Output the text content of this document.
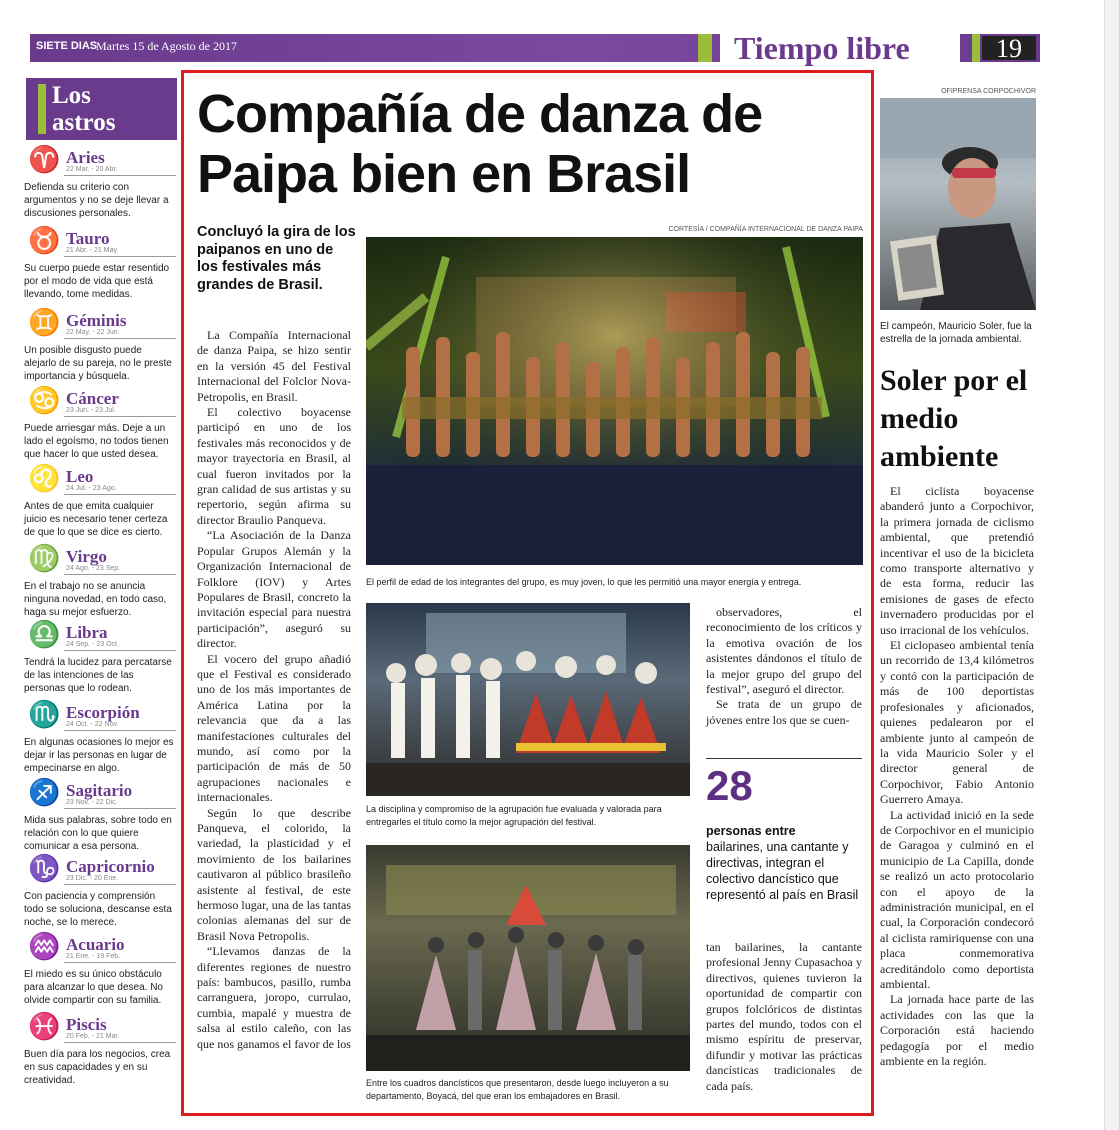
SIETE DIAS
Martes 15 de Agosto de 2017	Tiempo libre	19
Los
astros
♈ Aries
22 Mar. - 20 Abr.
Defienda su criterio con argumentos y no se deje llevar a discusiones personales.
♉ Tauro
21 Abr. - 21 May.
Su cuerpo puede estar resentido por el modo de vida que está llevando, tome medidas.
♊ Géminis
22 May. - 22 Jun.
Un posible disgusto puede alejarlo de su pareja, no le preste importancia y búsquela.
♋ Cáncer
23 Jun. - 23 Jul.
Puede arriesgar más. Deje a un lado el egoísmo, no todos tienen que hacer lo que usted desea.
♌ Leo
24 Jul. - 23 Ago.
Antes de que emita cualquier juicio es necesario tener certeza de que lo que se dice es cierto.
♍ Virgo
24 Ago. - 23 Sep.
En el trabajo no se anuncia ninguna novedad, en todo caso, haga su mejor esfuerzo.
♎ Libra
24 Sep. - 23 Oct.
Tendrá la lucidez para percatarse de las intenciones de las personas que lo rodean.
♏ Escorpión
24 Oct. - 22 Nov.
En algunas ocasiones lo mejor es dejar ir las personas en lugar de empecinarse en algo.
♐ Sagitario
23 Nov. - 22 Dic.
Mida sus palabras, sobre todo en relación con lo que quiere comunicar a esa persona.
♑ Capricornio
23 Dic. - 20 Ene.
Con paciencia y comprensión todo se soluciona, descanse esta noche, se lo merece.
♒ Acuario
21 Ene. - 19 Feb.
El miedo es su único obstáculo para alcanzar lo que desea. No olvide compartir con su familia.
♓ Piscis
20 Feb. - 21 Mar.
Buen día para los negocios, crea en sus capacidades y en su creatividad.
Compañía de danza de Paipa bien en Brasil
Concluyó la gira de los paipanos en uno de los festivales más grandes de Brasil.

La Compañía Internacional de danza Paipa, se hizo sentir en la versión 45 del Festival Internacional del Folclor Nova-Petropolis, en Brasil.

El colectivo boyacense participó en uno de los festivales más reconocidos y de mayor trayectoria en Brasil, al cual fueron invitados por la gran calidad de sus artistas y su repertorio, según afirma su director Braulio Panqueva.

“La Asociación de la Danza Popular Grupos Alemán y la Organización Internacional de Folklore (IOV) y Artes Populares de Brasil, concreto la invitación especial para nuestra participación”, aseguró su director.

El vocero del grupo añadió que el Festival es considerado uno de los más importantes de América Latina por la relevancia que da a las manifestaciones culturales del mundo, así como por la participación de más de 50 agrupaciones nacionales e internacionales.

Según lo que describe Panqueva, el colorido, la variedad, la plasticidad y el movimiento de los bailarines cautivaron al público brasileño asistente al festival, de este hermoso lugar, una de las tantas colonias alemanas del sur de Brasil Nova Petropolis.

“Llevamos danzas de la diferentes regiones de nuestro país: bambucos, pasillo, rumba carranguera, joropo, currulao, cumbia, mapalé y muestra de salsa al estilo caleño, con las que nos ganamos el favor de los

CORTESÍA / COMPAÑÍA INTERNACIONAL DE DANZA PAIPA
El perfil de edad de los integrantes del grupo, es muy joven, lo que les permitió una mayor energía y entrega.
La disciplina y compromiso de la agrupación fue evaluada y valorada para entregarles el título como la mejor agrupación del festival.
Entre los cuadros dancísticos que presentaron, desde luego incluyeron a su departamento, Boyacá, del que eran los embajadores en Brasil.

observadores, el reconocimiento de los críticos y la emotiva ovación de los asistentes dándonos el título de la mejor grupo del grupo del festival”, aseguró el director.

Se trata de un grupo de jóvenes entre los que se cuen-

28
personas entre
bailarines, una cantante y directivas, integran el colectivo dancístico que representó al país en Brasil
tan bailarines, la cantante profesional Jenny Cupasachoa y directivos, quienes tuvieron la oportunidad de compartir con grupos folclóricos de distintas partes del mundo, todos con el mismo espíritu de preservar, difundir y motivar las prácticas dancísticas tradicionales de cada país.
OFIPRENSA CORPOCHIVOR
El campeón, Mauricio Soler, fue la estrella de la jornada ambiental.
Soler por el medio ambiente

El ciclista boyacense abanderó junto a Corpochivor, la primera jornada de ciclismo ambiental, que pretendió incentivar el uso de la bicicleta como transporte alternativo y de esta forma, reducir las emisiones de gases de efecto invernadero producidas por el uso irracional de los vehículos.

El ciclopaseo ambiental tenía un recorrido de 13,4 kilómetros y contó con la participación de más de 100 deportistas profesionales y aficionados, quienes pedalearon por el ambiente junto al campeón de la vida Mauricio Soler y el director general de Corpochivor, Fabio Antonio Guerrero Amaya.

La actividad inició en la sede de Corpochivor en el municipio de Garagoa y culminó en el municipio de La Capilla, donde se realizó un acto protocolario con el apoyo de la administración municipal, en el cual, la Corporación condecoró al ciclista ramiriquense con una placa conmemorativa acreditándolo como deportista ambiental.

La jornada hace parte de las actividades con las que la Corporación está haciendo pedagogía por el medio ambiente en la región.
